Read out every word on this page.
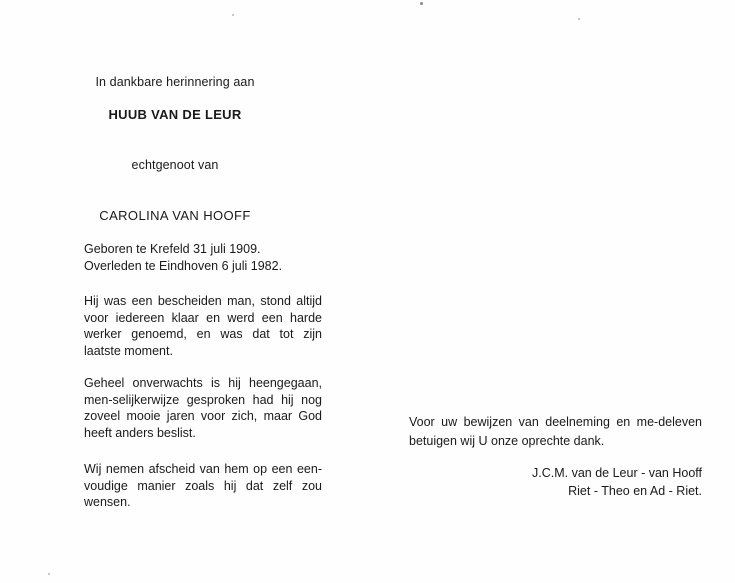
In dankbare herinnering aan
HUUB VAN DE LEUR
echtgenoot van
CAROLINA VAN HOOFF
Geboren te Krefeld 31 juli 1909.
Overleden te Eindhoven 6 juli 1982.
Hij was een bescheiden man, stond altijd voor iedereen klaar en werd een harde werker genoemd, en was dat tot zijn laatste moment.
Geheel onverwachts is hij heengegaan, men-selijkerwijze gesproken had hij nog zoveel mooie jaren voor zich, maar God heeft anders beslist.
Wij nemen afscheid van hem op een een-voudige manier zoals hij dat zelf zou wensen.
Voor uw bewijzen van deelneming en me-deleven betuigen wij U onze oprechte dank.
J.C.M. van de Leur - van Hooff
Riet - Theo en Ad - Riet.
